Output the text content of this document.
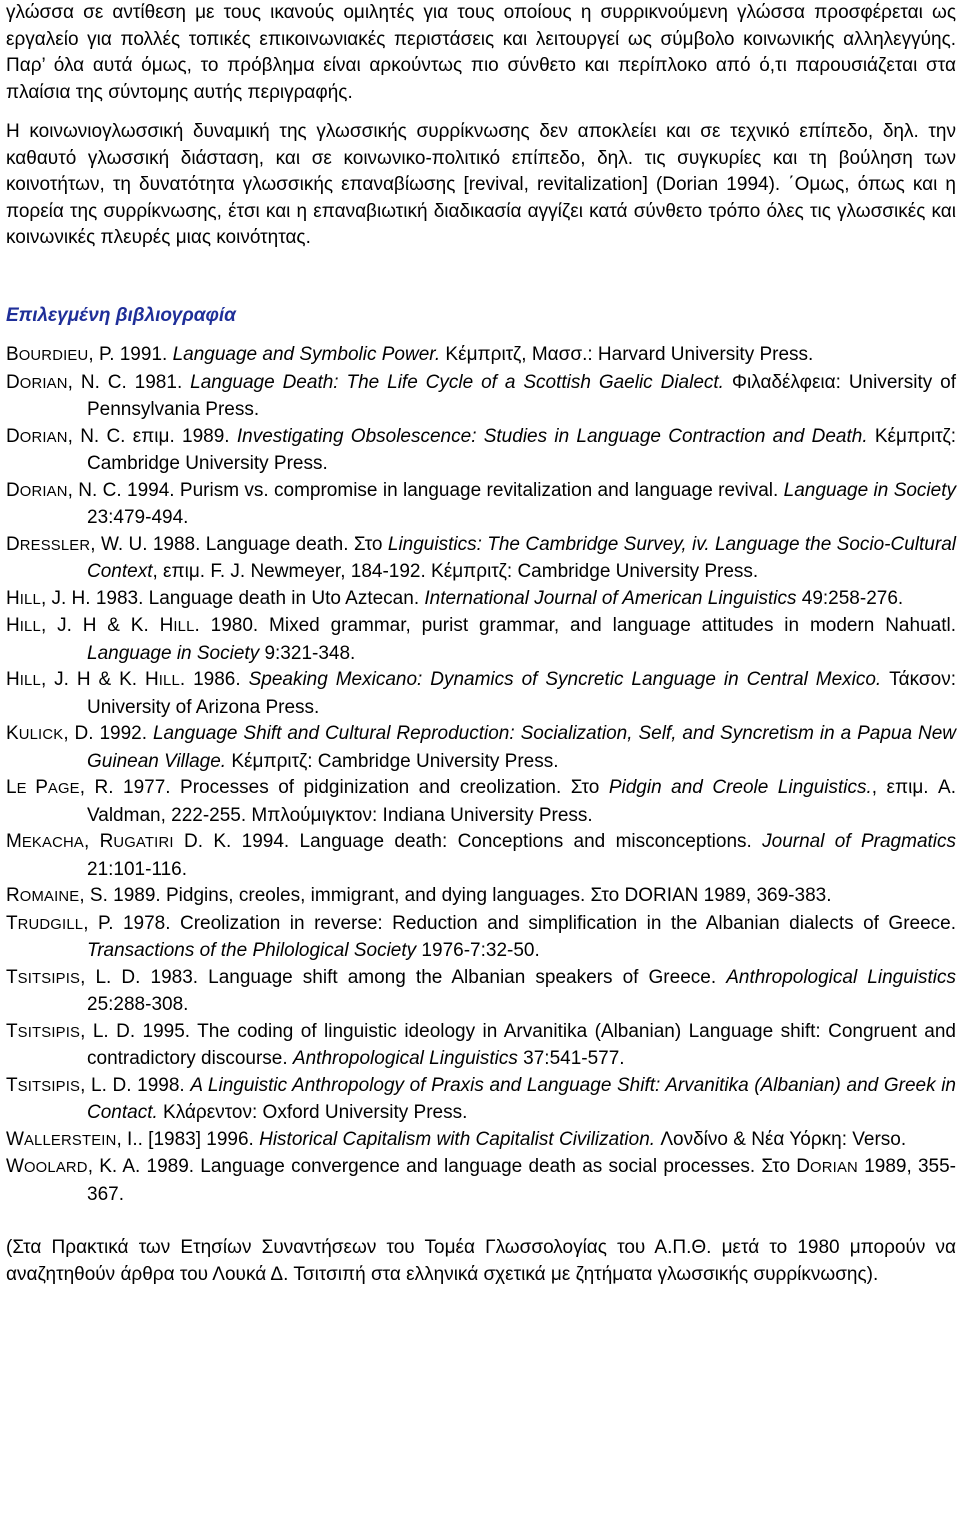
γλώσσα σε αντίθεση με τους ικανούς ομιλητές για τους οποίους η συρρικνούμενη γλώσσα προσφέρεται ως εργαλείο για πολλές τοπικές επικοινωνιακές περιστάσεις και λειτουργεί ως σύμβολο κοινωνικής αλληλεγγύης. Παρ’ όλα αυτά όμως, το πρόβλημα είναι αρκούντως πιο σύνθετο και περίπλοκο από ό,τι παρουσιάζεται στα πλαίσια της σύντομης αυτής περιγραφής.

Η κοινωνιογλωσσική δυναμική της γλωσσικής συρρίκνωσης δεν αποκλείει και σε τεχνικό επίπεδο, δηλ. την καθαυτό γλωσσική διάσταση, και σε κοινωνικο-πολιτικό επίπεδο, δηλ. τις συγκυρίες και τη βούληση των κοινοτήτων, τη δυνατότητα γλωσσικής επαναβίωσης [revival, revitalization] (Dorian 1994). ΄Ομως, όπως και η πορεία της συρρίκνωσης, έτσι και η επαναβιωτική διαδικασία αγγίζει κατά σύνθετο τρόπο όλες τις γλωσσικές και κοινωνικές πλευρές μιας κοινότητας.

Επιλεγμένη βιβλιογραφία
BOURDIEU, P. 1991. Language and Symbolic Power. Κέμπριτζ, Μασσ.: Harvard University Press.
DORIAN, N. C. 1981. Language Death: The Life Cycle of a Scottish Gaelic Dialect. Φιλαδέλφεια: University of Pennsylvania Press.
DORIAN, N. C. επιμ. 1989. Investigating Obsolescence: Studies in Language Contraction and Death. Κέμπριτζ: Cambridge University Press.
DORIAN, N. C. 1994. Purism vs. compromise in language revitalization and language revival. Language in Society 23:479-494.
DRESSLER, W. U. 1988. Language death. Στο Linguistics: The Cambridge Survey, iv. Language the Socio-Cultural Context, επιμ. F. J. Newmeyer, 184-192. Κέμπριτζ: Cambridge University Press.
HILL, J. H. 1983. Language death in Uto Aztecan. International Journal of American Linguistics 49:258-276.
HILL, J. H & K. HILL. 1980. Mixed grammar, purist grammar, and language attitudes in modern Nahuatl. Language in Society 9:321-348.
HILL, J. H & K. HILL. 1986. Speaking Mexicano: Dynamics of Syncretic Language in Central Mexico. Τάκσον: University of Arizona Press.
KULICK, D. 1992. Language Shift and Cultural Reproduction: Socialization, Self, and Syncretism in a Papua New Guinean Village. Κέμπριτζ: Cambridge University Press.
LE PAGE, R. 1977. Processes of pidginization and creolization. Στο Pidgin and Creole Linguistics., επιμ. A. Valdman, 222-255. Μπλούμιγκτον: Indiana University Press.
MEKACHA, RUGATIRI D. K. 1994. Language death: Conceptions and misconceptions. Journal of Pragmatics 21:101-116.
ROMAINE, S. 1989. Pidgins, creoles, immigrant, and dying languages. Στο DORIAN 1989, 369-383.
TRUDGILL, P. 1978. Creolization in reverse: Reduction and simplification in the Albanian dialects of Greece. Transactions of the Philological Society 1976-7:32-50.
TSITSIPIS, L. D. 1983. Language shift among the Albanian speakers of Greece. Anthropological Linguistics 25:288-308.
TSITSIPIS, L. D. 1995. The coding of linguistic ideology in Arvanitika (Albanian) Language shift: Congruent and contradictory discourse. Anthropological Linguistics 37:541-577.
TSITSIPIS, L. D. 1998. A Linguistic Anthropology of Praxis and Language Shift: Arvanitika (Albanian) and Greek in Contact. Κλάρεντον: Oxford University Press.
WALLERSTEIN, I.. [1983] 1996. Historical Capitalism with Capitalist Civilization. Λονδίνο & Νέα Υόρκη: Verso.
WOOLARD, K. A. 1989. Language convergence and language death as social processes. Στο DORIAN 1989, 355-367.

(Στα Πρακτικά των Ετησίων Συναντήσεων του Τομέα Γλωσσολογίας του Α.Π.Θ. μετά το 1980 μπορούν να αναζητηθούν άρθρα του Λουκά Δ. Τσιτσιπή στα ελληνικά σχετικά με ζητήματα γλωσσικής συρρίκνωσης).
